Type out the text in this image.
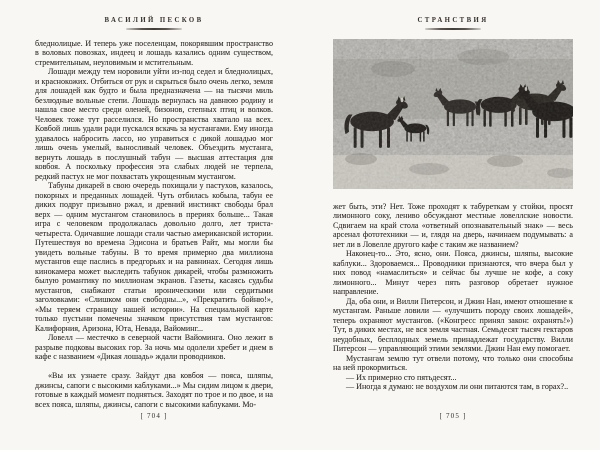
ВАСИЛИЙ ПЕСКОВ

бледнолицые. И теперь уже поселенцам, покорявшим пространство в воловых повозках, индеец и лошадь казались одним существом, стремительным, неуловимым и мстительным.

Лошади между тем норовили уйти из-под седел и бледнолицых, и краснокожих. Отбиться от рук и скрыться было очень легко, земля для лошадей как будто и была предназначена — на тысячи миль безлюдные вольные степи. Лошадь вернулась на давнюю родину и нашла свое место среди оленей, бизонов, степных птиц и волков. Человек тоже тут расселился. Но пространства хватало на всех. Ковбой лишь удали ради пускался вскачь за мустангами. Ему иногда удавалось набросить лассо, но управиться с дикой лошадью мог лишь очень умелый, выносливый человек. Объездить мустанга, вернуть лошадь в послушный табун — высшая аттестация для ковбоя. А поскольку профессия эта слабых людей не терпела, редкий пастух не мог похвастать укрощенным мустангом.

Табуны дикарей в свою очередь похищали у пастухов, казалось, покорных и преданных лошадей. Чуть отбилась кобыла, табун ее диких подруг призывно ржал, и древний инстинкт свободы брал верх — одним мустангом становилось в прериях больше... Такая игра с человеком продолжалась довольно долго, лет триста-четыреста. Одичавшие лошади стали частью американской истории. Путешествуя во времена Эдисона и братьев Райт, мы могли бы увидеть вольные табуны. В то время примерно два миллиона мустангов еще паслись в предгорьях и на равнинах. Сегодня лишь кинокамера может выследить табунок дикарей, чтобы размножить былую романтику по миллионам экранов. Газеты, касаясь судьбы мустангов, снабжают статьи ироническими или сердитыми заголовками: «Слишком они свободны...», «Прекратить бойню!», «Мы теряем страницу нашей истории». На специальной карте только пустыни помечены значком присутствия там мустангов: Калифорния, Аризона, Юта, Невада, Вайоминг...

Ловелл — местечко в северной части Вайоминга. Оно лежит в разрыве подковы высоких гор. За ночь мы одолели хребет и днем в кафе с названием «Дикая лошадь» ждали проводников.

«Вы их узнаете сразу. Зайдут два ковбоя — пояса, шляпы, джинсы, сапоги с высокими каблуками...» Мы сидим лицом к двери, готовые в каждый момент подняться. Заходят по трое и по двое, и на всех пояса, шляпы, джинсы, сапоги с высокими каблуками. Мо-

[ 704 ]
СТРАНСТВИЯ

жет быть, эти? Нет. Тоже проходят к табуреткам у стойки, просят лимонного соку, лениво обсуждают местные ловеллские новости. Сдвигаем на край стола «ответный опознавательный знак» — весь арсенал фототехники — и, глядя на дверь, начинаем подумывать: а нет ли в Ловелле другого кафе с таким же названием?

Наконец-то... Это, ясно, они. Пояса, джинсы, шляпы, высокие каблуки... Здороваемся... Проводники признаются, что вчера был у них повод «намаслиться» и сейчас бы лучше не кофе, а соку лимонного... Минут через пять разговор обретает нужное направление.

Да, оба они, и Вилли Питерсон, и Джин Нан, имеют отношение к мустангам. Раньше ловили — «улучшить породу своих лошадей», теперь охраняют мустангов. («Конгресс принял закон: охранять!») Тут, в диких местах, не вся земля частная. Семьдесят тысяч гектаров неудобных, бесплодных земель принадлежат государству. Вилли Питерсон — управляющий этими землями. Джин Нан ему помогает.

Мустангам землю тут отвели потому, что только они способны на ней прокормиться.

— Их примерно сто пятьдесят...

— Иногда я думаю: не воздухом ли они питаются там, в горах?..

[ 705 ]
